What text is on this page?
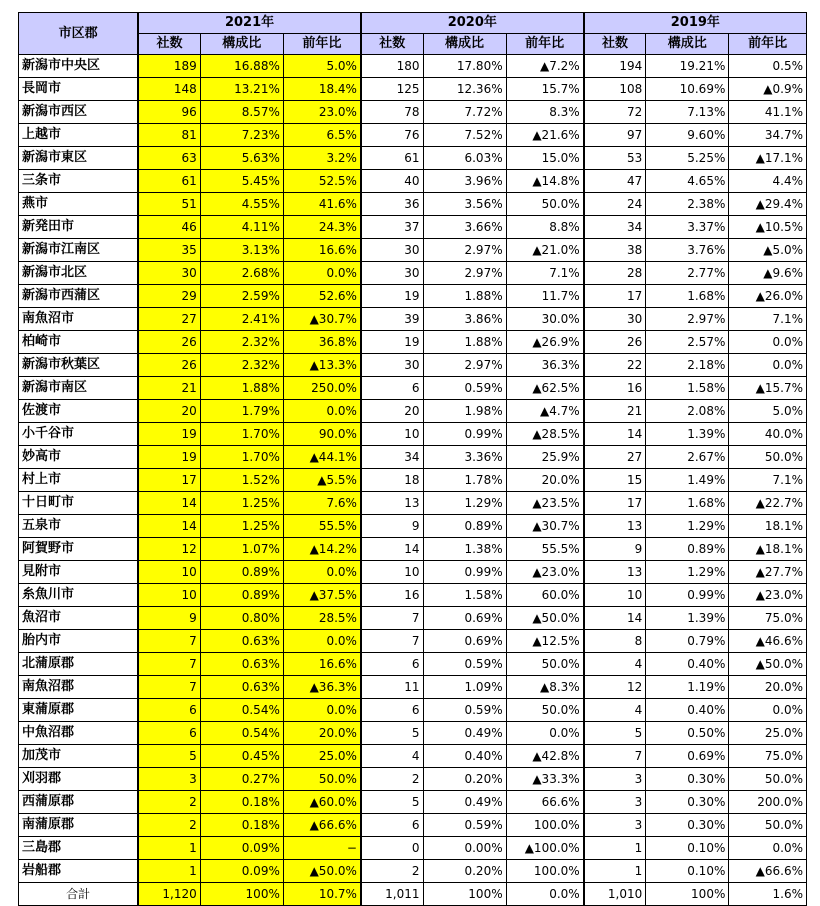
市区郡	2021年			2020年			2019年		
	社数	構成比	前年比	社数	構成比	前年比	社数	構成比	前年比
新潟市中央区	189	16.88%	5.0%	180	17.80%	▲7.2%	194	19.21%	0.5%
長岡市	148	13.21%	18.4%	125	12.36%	15.7%	108	10.69%	▲0.9%
新潟市西区	96	8.57%	23.0%	78	7.72%	8.3%	72	7.13%	41.1%
上越市	81	7.23%	6.5%	76	7.52%	▲21.6%	97	9.60%	34.7%
新潟市東区	63	5.63%	3.2%	61	6.03%	15.0%	53	5.25%	▲17.1%
三条市	61	5.45%	52.5%	40	3.96%	▲14.8%	47	4.65%	4.4%
燕市	51	4.55%	41.6%	36	3.56%	50.0%	24	2.38%	▲29.4%
新発田市	46	4.11%	24.3%	37	3.66%	8.8%	34	3.37%	▲10.5%
新潟市江南区	35	3.13%	16.6%	30	2.97%	▲21.0%	38	3.76%	▲5.0%
新潟市北区	30	2.68%	0.0%	30	2.97%	7.1%	28	2.77%	▲9.6%
新潟市西蒲区	29	2.59%	52.6%	19	1.88%	11.7%	17	1.68%	▲26.0%
南魚沼市	27	2.41%	▲30.7%	39	3.86%	30.0%	30	2.97%	7.1%
柏崎市	26	2.32%	36.8%	19	1.88%	▲26.9%	26	2.57%	0.0%
新潟市秋葉区	26	2.32%	▲13.3%	30	2.97%	36.3%	22	2.18%	0.0%
新潟市南区	21	1.88%	250.0%	6	0.59%	▲62.5%	16	1.58%	▲15.7%
佐渡市	20	1.79%	0.0%	20	1.98%	▲4.7%	21	2.08%	5.0%
小千谷市	19	1.70%	90.0%	10	0.99%	▲28.5%	14	1.39%	40.0%
妙高市	19	1.70%	▲44.1%	34	3.36%	25.9%	27	2.67%	50.0%
村上市	17	1.52%	▲5.5%	18	1.78%	20.0%	15	1.49%	7.1%
十日町市	14	1.25%	7.6%	13	1.29%	▲23.5%	17	1.68%	▲22.7%
五泉市	14	1.25%	55.5%	9	0.89%	▲30.7%	13	1.29%	18.1%
阿賀野市	12	1.07%	▲14.2%	14	1.38%	55.5%	9	0.89%	▲18.1%
見附市	10	0.89%	0.0%	10	0.99%	▲23.0%	13	1.29%	▲27.7%
糸魚川市	10	0.89%	▲37.5%	16	1.58%	60.0%	10	0.99%	▲23.0%
魚沼市	9	0.80%	28.5%	7	0.69%	▲50.0%	14	1.39%	75.0%
胎内市	7	0.63%	0.0%	7	0.69%	▲12.5%	8	0.79%	▲46.6%
北蒲原郡	7	0.63%	16.6%	6	0.59%	50.0%	4	0.40%	▲50.0%
南魚沼郡	7	0.63%	▲36.3%	11	1.09%	▲8.3%	12	1.19%	20.0%
東蒲原郡	6	0.54%	0.0%	6	0.59%	50.0%	4	0.40%	0.0%
中魚沼郡	6	0.54%	20.0%	5	0.49%	0.0%	5	0.50%	25.0%
加茂市	5	0.45%	25.0%	4	0.40%	▲42.8%	7	0.69%	75.0%
刈羽郡	3	0.27%	50.0%	2	0.20%	▲33.3%	3	0.30%	50.0%
西蒲原郡	2	0.18%	▲60.0%	5	0.49%	66.6%	3	0.30%	200.0%
南蒲原郡	2	0.18%	▲66.6%	6	0.59%	100.0%	3	0.30%	50.0%
三島郡	1	0.09%	−	0	0.00%	▲100.0%	1	0.10%	0.0%
岩船郡	1	0.09%	▲50.0%	2	0.20%	100.0%	1	0.10%	▲66.6%
合計	1,120	100%	10.7%	1,011	100%	0.0%	1,010	100%	1.6%
